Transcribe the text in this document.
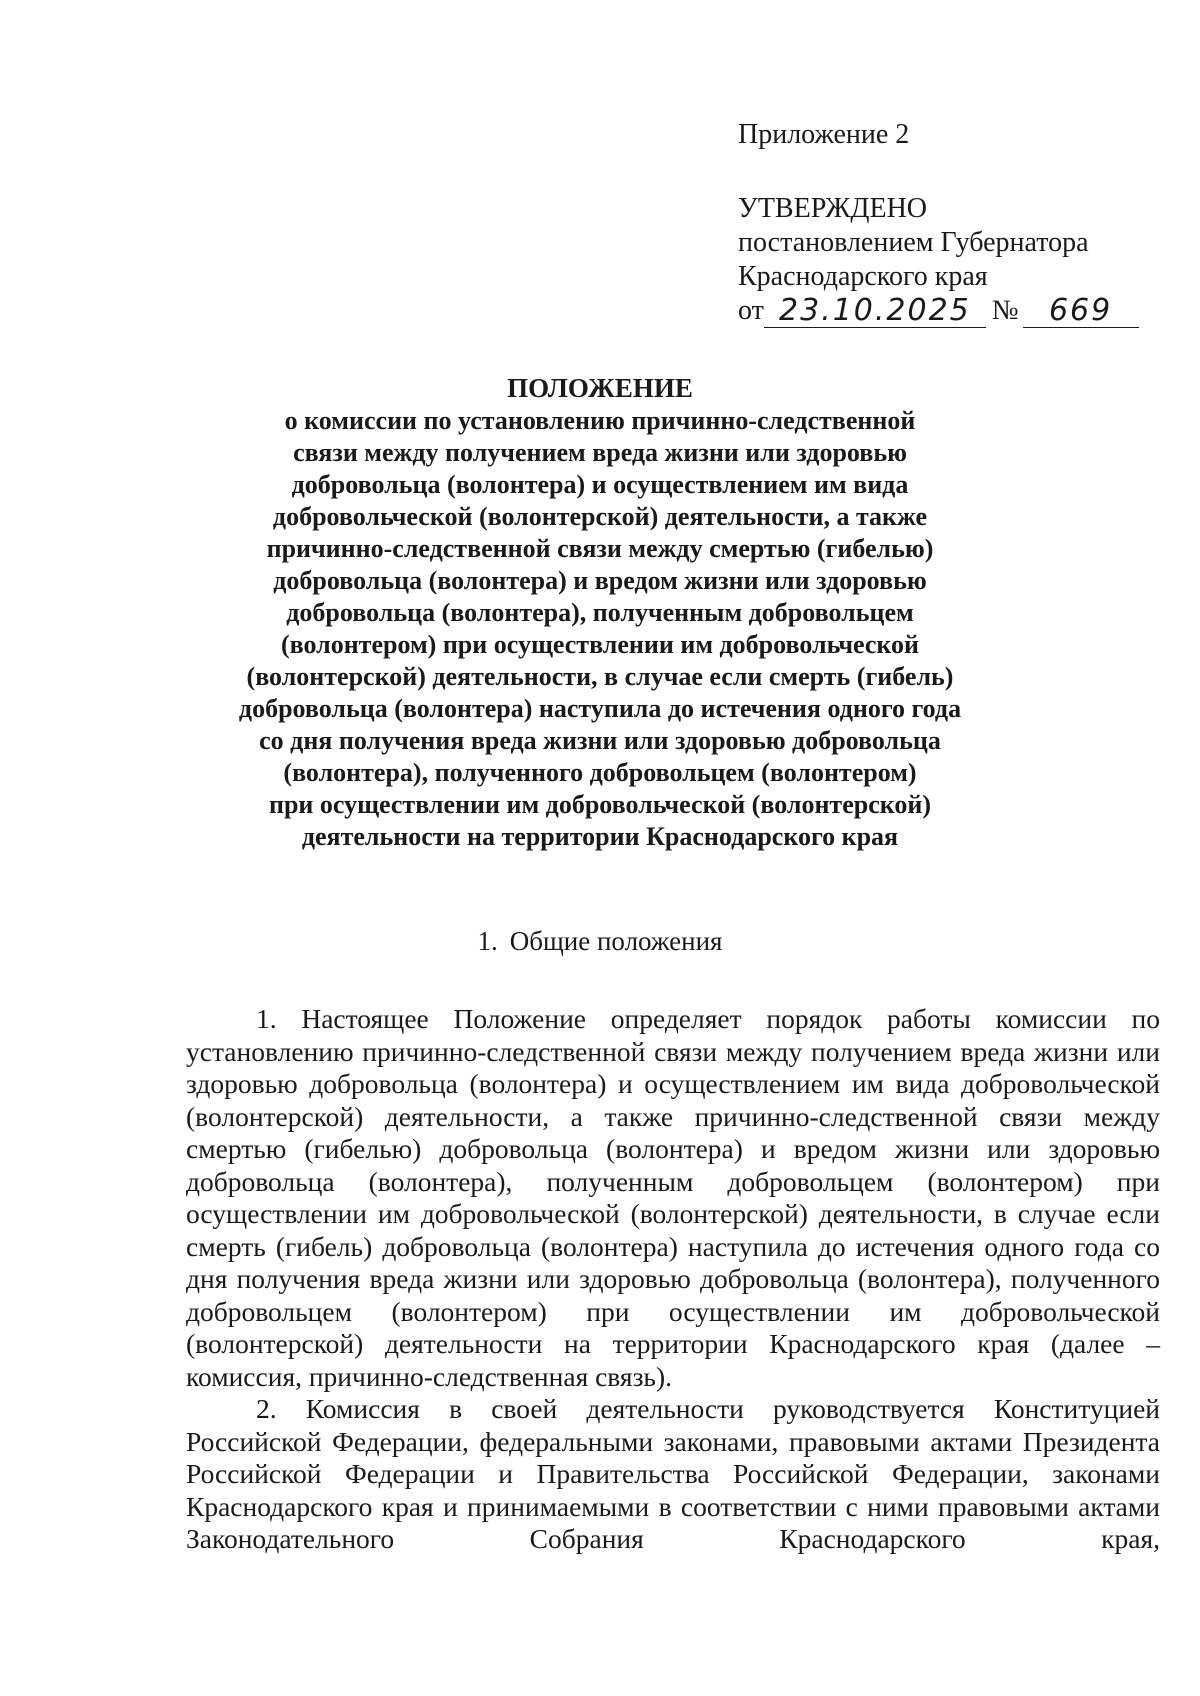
Приложение 2
УТВЕРЖДЕНО
постановлением Губернатора
Краснодарского края
от 23.10.2025 №	669
ПОЛОЖЕНИЕ
о комиссии по установлению причинно-следственной
связи между получением вреда жизни или здоровью
добровольца (волонтера) и осуществлением им вида
добровольческой (волонтерской) деятельности, а также
причинно-следственной связи между смертью (гибелью)
добровольца (волонтера) и вредом жизни или здоровью
добровольца (волонтера), полученным добровольцем
(волонтером) при осуществлении им добровольческой
(волонтерской) деятельности, в случае если смерть (гибель)
добровольца (волонтера) наступила до истечения одного года
со дня получения вреда жизни или здоровью добровольца
(волонтера), полученного добровольцем (волонтером)
при осуществлении им добровольческой (волонтерской)
деятельности на территории Краснодарского края
1. Общие положения

1. Настоящее Положение определяет порядок работы комиссии по установлению причинно-следственной связи между получением вреда жизни или здоровью добровольца (волонтера) и осуществлением им вида добровольческой (волонтерской) деятельности, а также причинно-следственной связи между смертью (гибелью) добровольца (волонтера) и вредом жизни или здоровью добровольца (волонтера), полученным добровольцем (волонтером) при осуществлении им добровольческой (волонтерской) деятельности, в случае если смерть (гибель) добровольца (волонтера) наступила до истечения одного года со дня получения вреда жизни или здоровью добровольца (волонтера), полученного добровольцем (волонтером) при осуществлении им добровольческой (волонтерской) деятельности на территории Краснодарского края (далее – комиссия, причинно-следственная связь).

2. Комиссия в своей деятельности руководствуется Конституцией Российской Федерации, федеральными законами, правовыми актами Президента Российской Федерации и Правительства Российской Федерации, законами Краснодарского края и принимаемыми в соответствии с ними правовыми актами Законодательного Собрания Краснодарского края,
